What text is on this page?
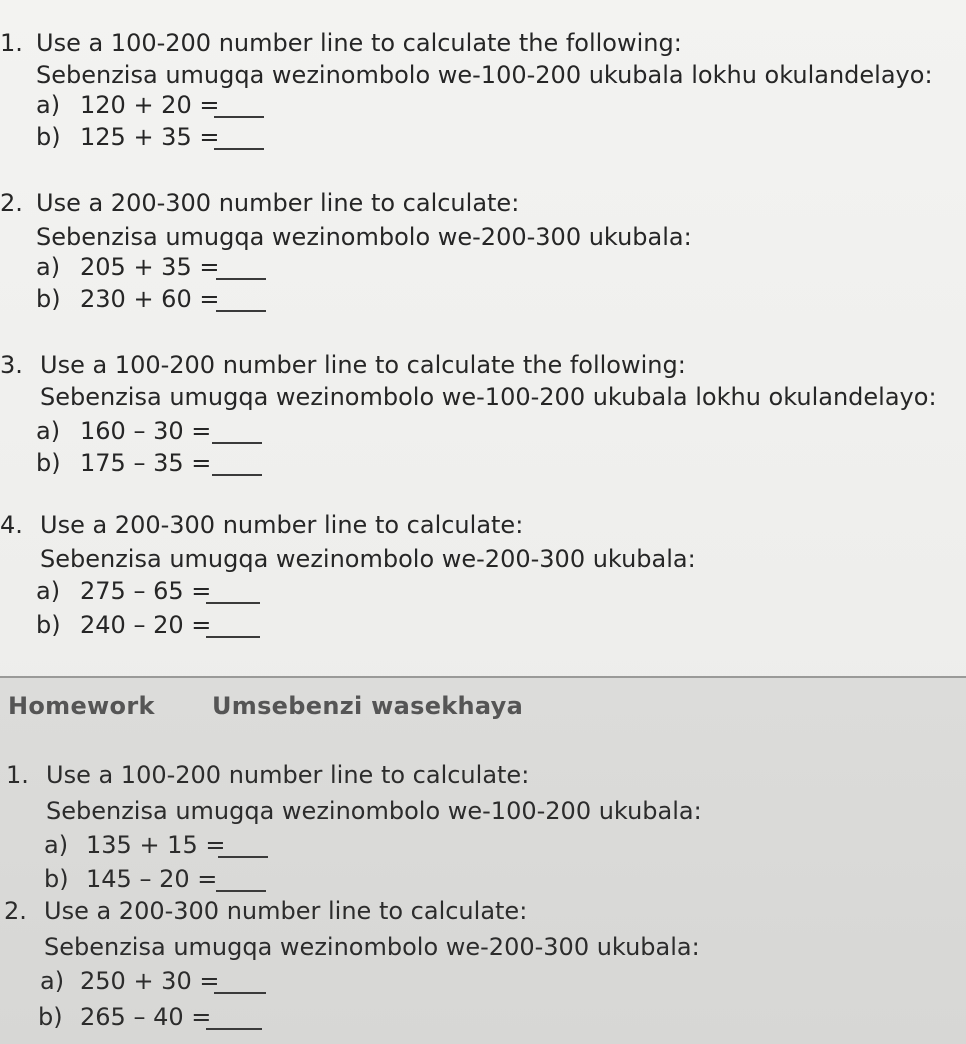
1. Use a 100-200 number line to calculate the following:
Sebenzisa umugqa wezinombolo we-100-200 ukubala lokhu okulandelayo:
a) 120 + 20 =
b) 125 + 35 =
2. Use a 200-300 number line to calculate:
Sebenzisa umugqa wezinombolo we-200-300 ukubala:
a) 205 + 35 =
b) 230 + 60 =
3. Use a 100-200 number line to calculate the following:
Sebenzisa umugqa wezinombolo we-100-200 ukubala lokhu okulandelayo:
a) 160 – 30 =
b) 175 – 35 =
4. Use a 200-300 number line to calculate:
Sebenzisa umugqa wezinombolo we-200-300 ukubala:
a) 275 – 65 =
b) 240 – 20 =
Homework Umsebenzi wasekhaya
1. Use a 100-200 number line to calculate:
Sebenzisa umugqa wezinombolo we-100-200 ukubala:
a) 135 + 15 =
b) 145 – 20 =
2. Use a 200-300 number line to calculate:
Sebenzisa umugqa wezinombolo we-200-300 ukubala:
a) 250 + 30 =
b) 265 – 40 =
